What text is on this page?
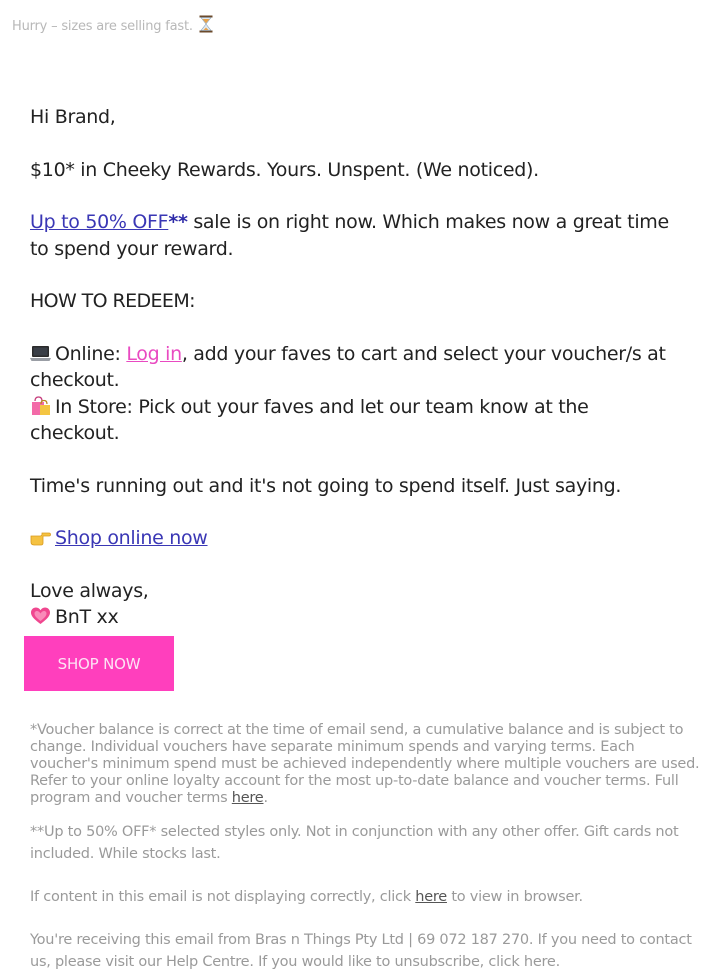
Hurry – sizes are selling fast.

Hi Brand,

$10* in Cheeky Rewards. Yours. Unspent. (We noticed).

Up to 50% OFF** sale is on right now. Which makes now a great time to spend your reward.

HOW TO REDEEM:

Online: Log in, add your faves to cart and select your voucher/s at checkout.
In Store: Pick out your faves and let our team know at the checkout.

Time's running out and it's not going to spend itself. Just saying.

Shop online now

Love always,
BnT xx

SHOP NOW

*Voucher balance is correct at the time of email send, a cumulative balance and is subject to change. Individual vouchers have separate minimum spends and varying terms. Each voucher's minimum spend must be achieved independently where multiple vouchers are used. Refer to your online loyalty account for the most up-to-date balance and voucher terms. Full program and voucher terms here.

**Up to 50% OFF* selected styles only. Not in conjunction with any other offer. Gift cards not included. While stocks last.

If content in this email is not displaying correctly, click here to view in browser.

You're receiving this email from Bras n Things Pty Ltd | 69 072 187 270. If you need to contact us, please visit our Help Centre. If you would like to unsubscribe, click here.
